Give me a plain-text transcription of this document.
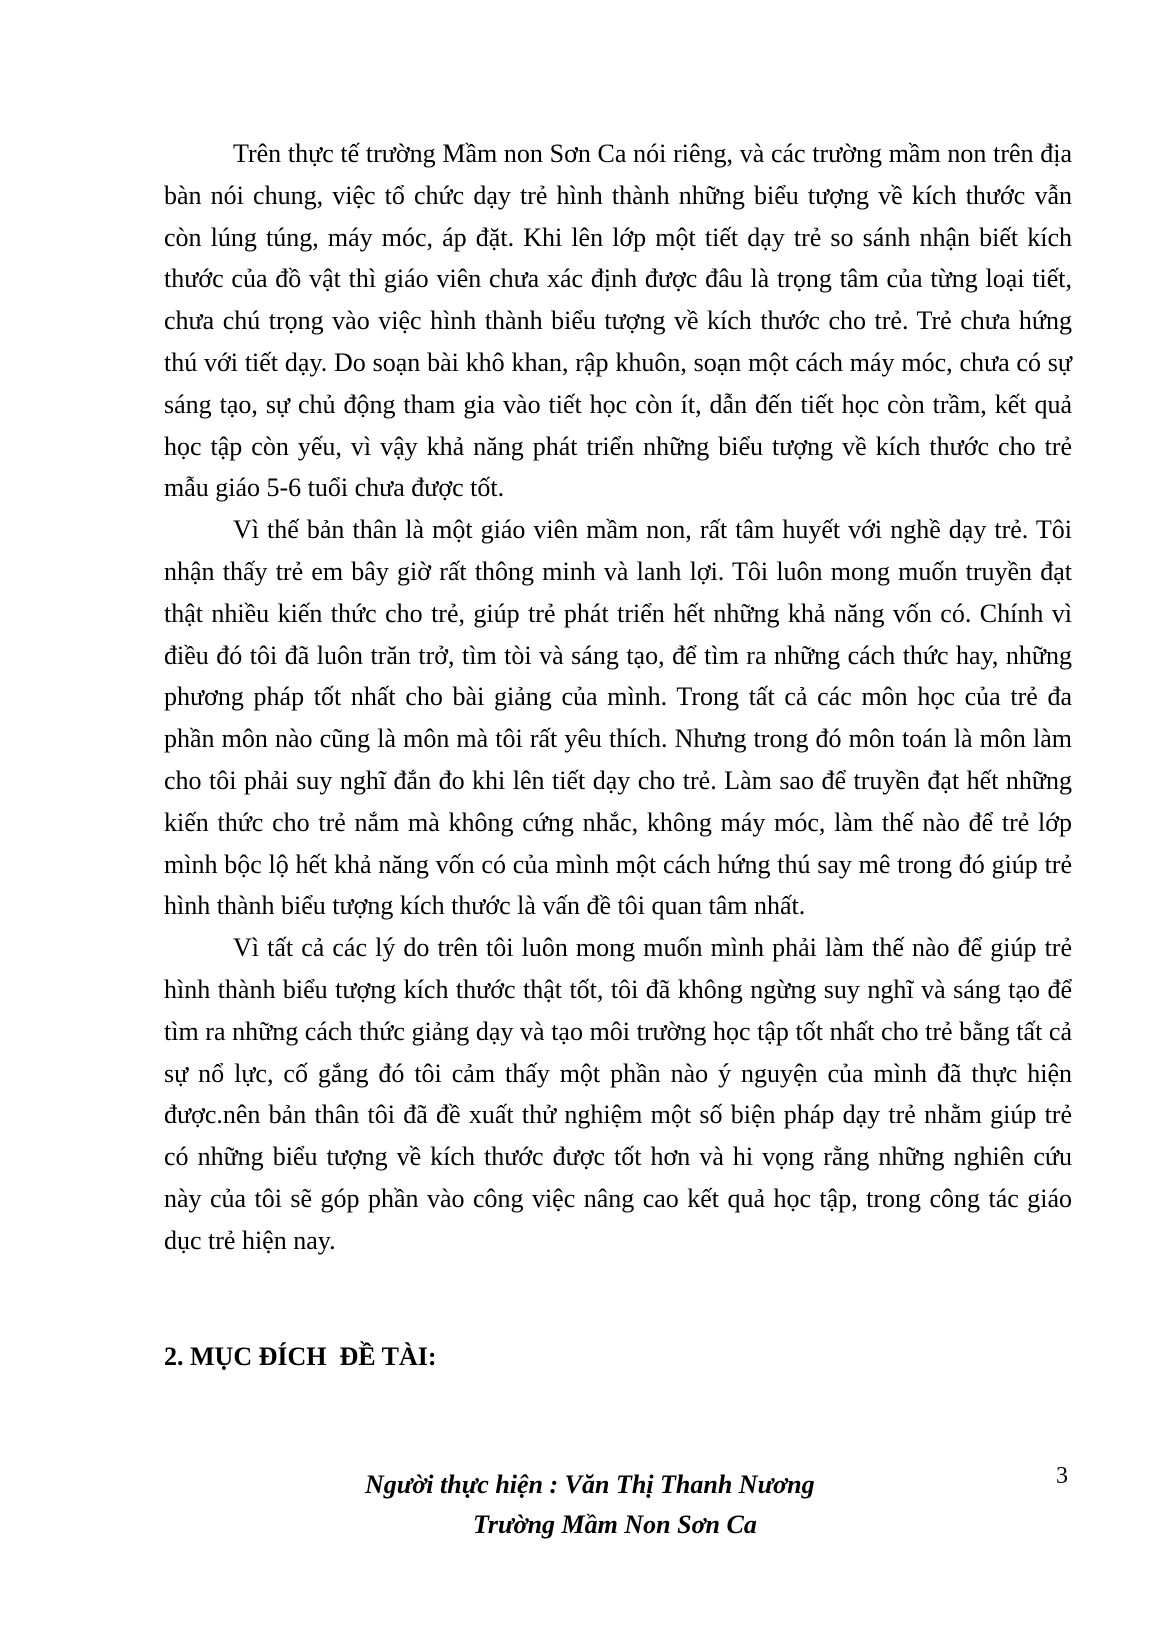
Trên thực tế trường Mầm non Sơn Ca nói riêng, và các trường mầm non trên địa bàn nói chung, việc tổ chức dạy trẻ hình thành những biểu tượng về kích thước vẫn còn lúng túng, máy móc, áp đặt. Khi lên lớp một tiết dạy trẻ so sánh nhận biết kích thước của đồ vật thì giáo viên chưa xác định được đâu là trọng tâm của từng loại tiết, chưa chú trọng vào việc hình thành biểu tượng về kích thước cho trẻ. Trẻ chưa hứng thú với tiết dạy. Do soạn bài khô khan, rập khuôn, soạn một cách máy móc, chưa có sự sáng tạo, sự chủ động tham gia vào tiết học còn ít, dẫn đến tiết học còn trầm, kết quả học tập còn yếu, vì vậy khả năng phát triển những biểu tượng về kích thước cho trẻ mẫu giáo 5-6 tuổi chưa được tốt.

Vì thế bản thân là một giáo viên mầm non, rất tâm huyết với nghề dạy trẻ. Tôi nhận thấy trẻ em bây giờ rất thông minh và lanh lợi. Tôi luôn mong muốn truyền đạt thật nhiều kiến thức cho trẻ, giúp trẻ phát triển hết những khả năng vốn có. Chính vì điều đó tôi đã luôn trăn trở, tìm tòi và sáng tạo, để tìm ra những cách thức hay, những phương pháp tốt nhất cho bài giảng của mình. Trong tất cả các môn học của trẻ đa phần môn nào cũng là môn mà tôi rất yêu thích. Nhưng trong đó môn toán là môn làm cho tôi phải suy nghĩ đắn đo khi lên tiết dạy cho trẻ. Làm sao để truyền đạt hết những kiến thức cho trẻ nắm mà không cứng nhắc, không máy móc, làm thế nào để trẻ lớp mình bộc lộ hết khả năng vốn có của mình một cách hứng thú say mê trong đó giúp trẻ hình thành biểu tượng kích thước là vấn đề tôi quan tâm nhất.

Vì tất cả các lý do trên tôi luôn mong muốn mình phải làm thế nào để giúp trẻ hình thành biểu tượng kích thước thật tốt, tôi đã không ngừng suy nghĩ và sáng tạo để tìm ra những cách thức giảng dạy và tạo môi trường học tập tốt nhất cho trẻ bằng tất cả sự nổ lực, cố gắng đó tôi cảm thấy một phần nào ý nguyện của mình đã thực hiện được.nên bản thân tôi đã đề xuất thử nghiệm một số biện pháp dạy trẻ nhằm giúp trẻ có những biểu tượng về kích thước được tốt hơn và hi vọng rằng những nghiên cứu này của tôi sẽ góp phần vào công việc nâng cao kết quả học tập, trong công tác giáo dục trẻ hiện nay.

2. MỤC ĐÍCH  ĐỀ TÀI:
Người thực hiện : Văn Thị Thanh Nương
Trường Mầm Non Sơn Ca
3
